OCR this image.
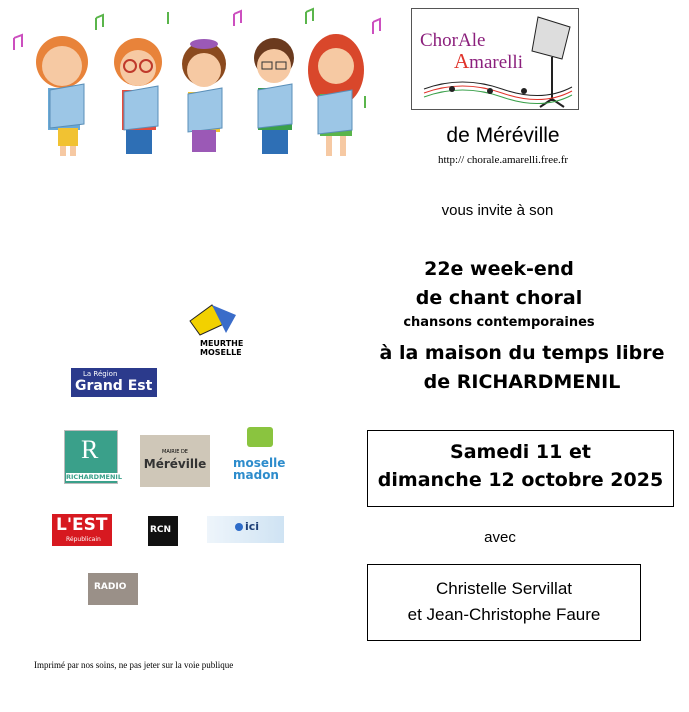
ChorAle
Amarelli
de Méréville
http:// chorale.amarelli.free.fr
vous invite à son
22e week-end
de chant choral
chansons contemporaines
à la maison du temps libre
de RICHARDMENIL
Samedi 11 et
dimanche 12 octobre 2025
avec
Christelle Servillat
et Jean-Christophe Faure
MEURTHE MOSELLE
La Région
Grand Est
R
RICHARDMENIL
MAIRIE DE
Méréville	moselle madon
L'EST
Républicain
RCN	ici
RADIO
Imprimé par nos soins, ne pas jeter sur la voie publique
